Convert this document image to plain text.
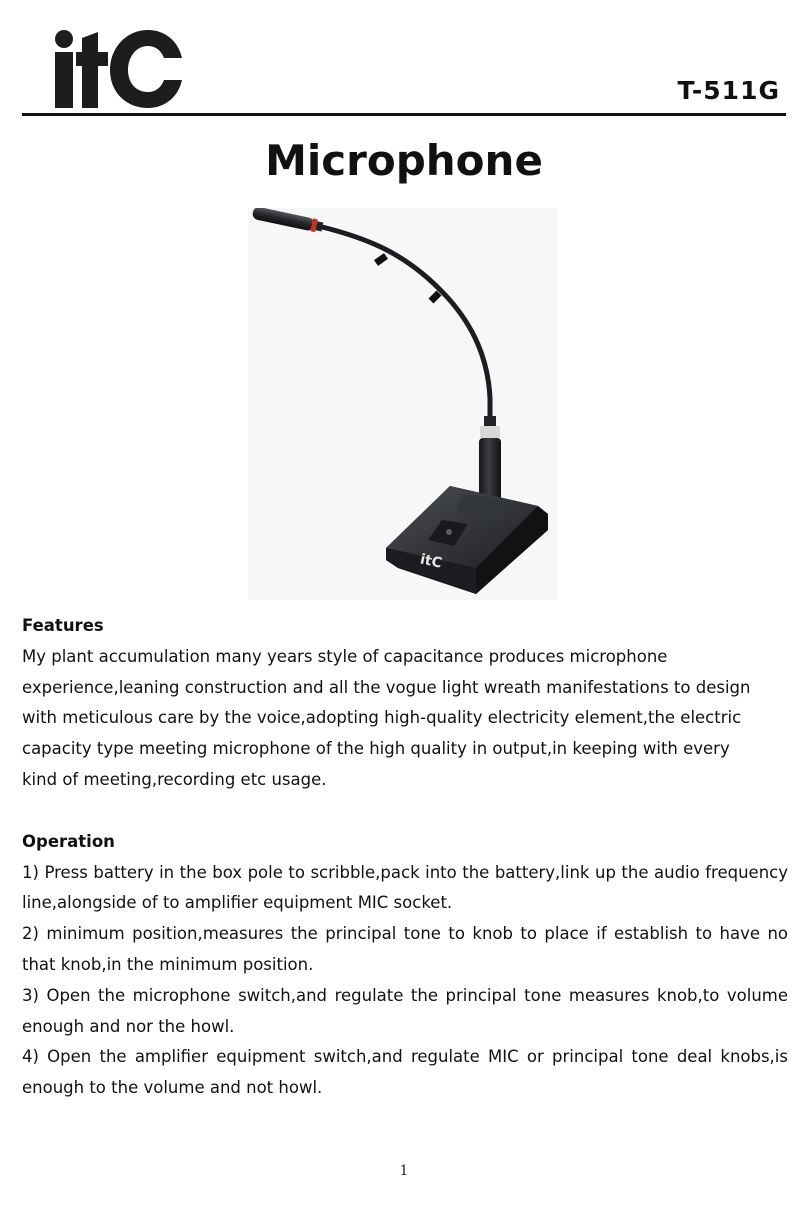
T-511G
Microphone
itC

Features

My plant accumulation many years style of capacitance produces microphone

experience,leaning construction and all the vogue light wreath manifestations to design

with meticulous care by the voice,adopting high-quality electricity element,the electric

capacity type meeting microphone of the high quality in output,in keeping with every

kind of meeting,recording etc usage.

Operation

1) Press battery in the box pole to scribble,pack into the battery,link up the audio frequency line,alongside of to amplifier equipment MIC socket.

2) minimum position,measures the principal tone to knob to place if establish to have no that knob,in the minimum position.

3) Open the microphone switch,and regulate the principal tone measures knob,to volume enough and nor the howl.

4) Open the amplifier equipment switch,and regulate MIC or principal tone deal knobs,is enough to the volume and not howl.

1
